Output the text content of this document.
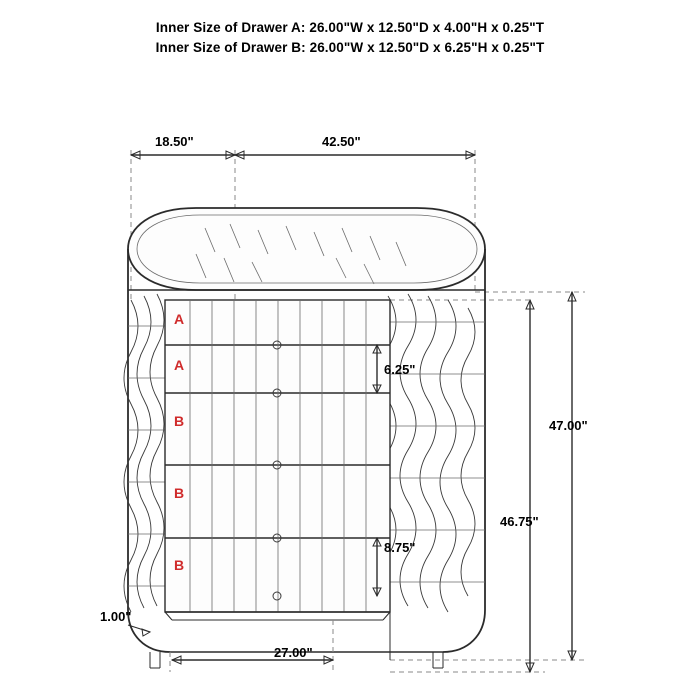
Inner Size of Drawer A: 26.00"W x 12.50"D x 4.00"H x 0.25"T
Inner Size of Drawer B: 26.00"W x 12.50"D x 6.25"H x 0.25"T
18.50"	42.50"
47.00"
46.75"
6.25"
8.75"
27.00"
1.00"
A
A
B
B
B
